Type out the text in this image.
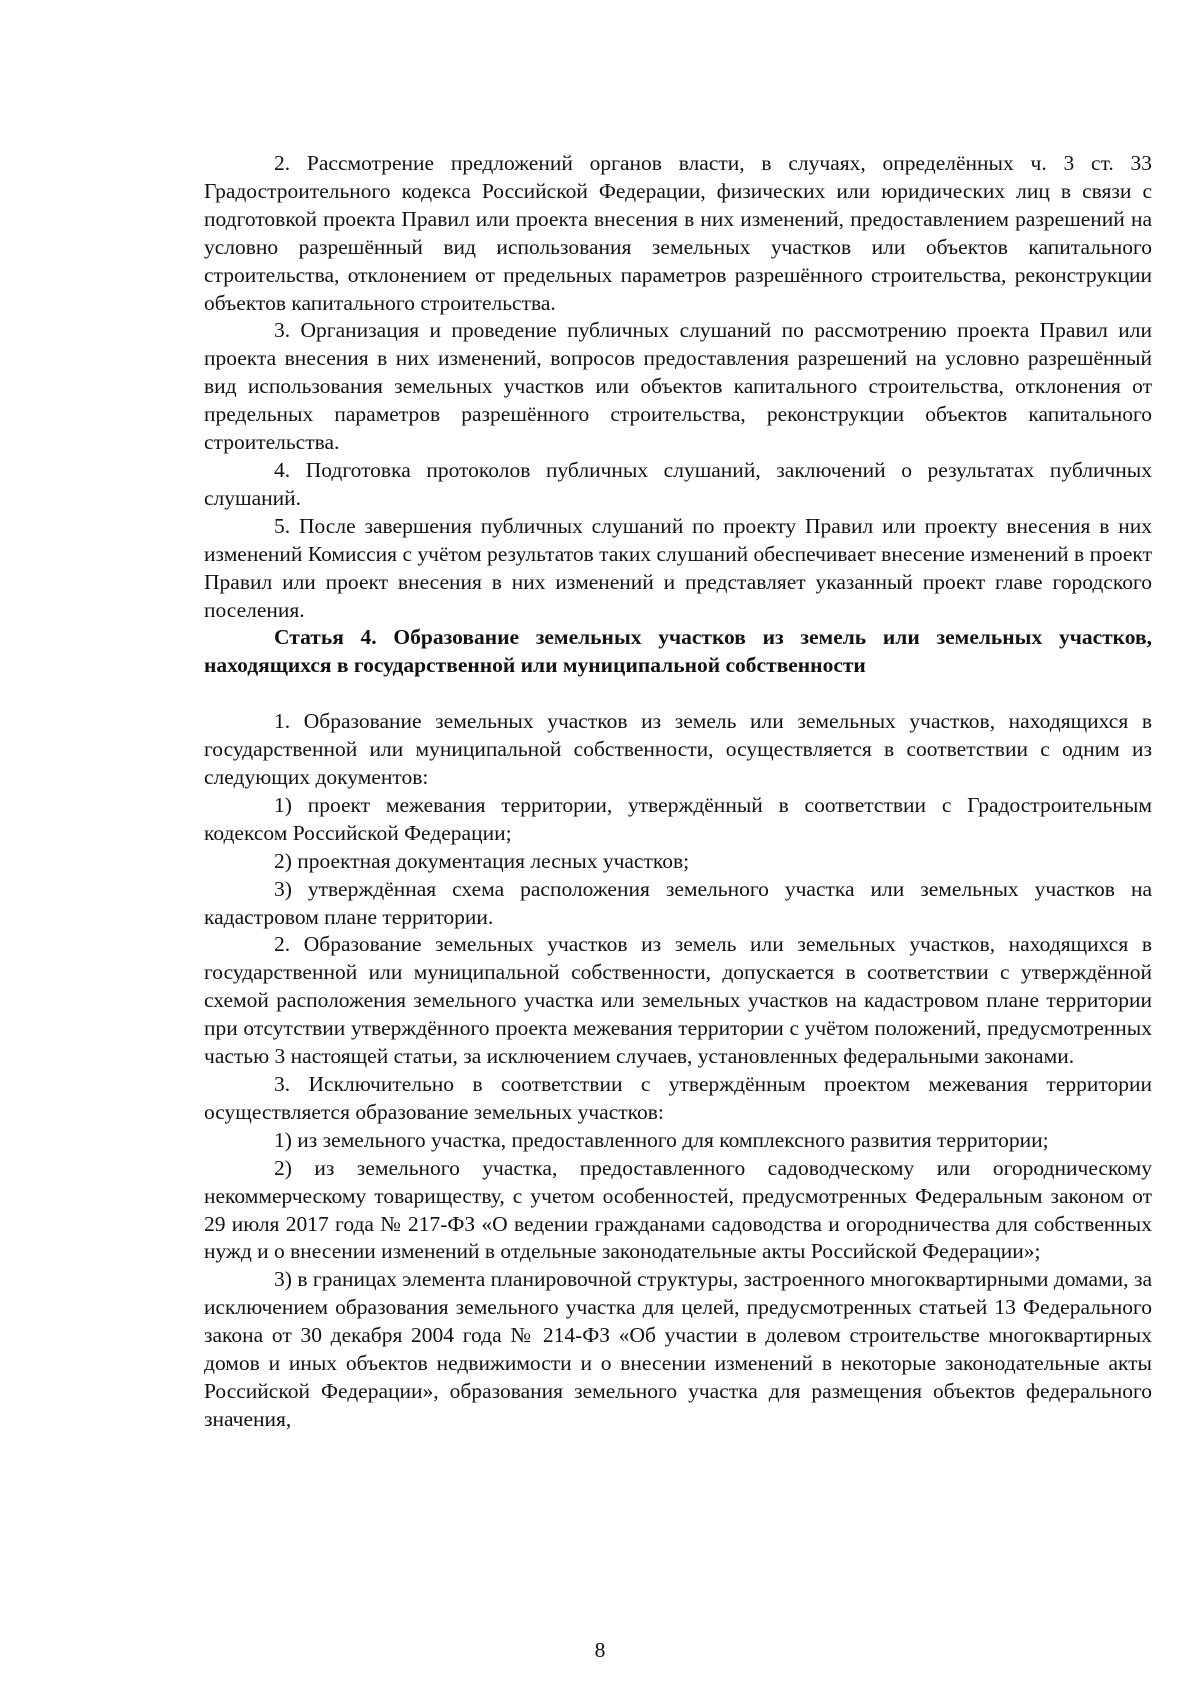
2. Рассмотрение предложений органов власти, в случаях, определённых ч. 3 ст. 33 Градостроительного кодекса Российской Федерации, физических или юридических лиц в связи с подготовкой проекта Правил или проекта внесения в них изменений, предоставлением разрешений на условно разрешённый вид использования земельных участков или объектов капитального строительства, отклонением от предельных параметров разрешённого строительства, реконструкции объектов капитального строительства.

3. Организация и проведение публичных слушаний по рассмотрению проекта Правил или проекта внесения в них изменений, вопросов предоставления разрешений на условно разрешённый вид использования земельных участков или объектов капитального строительства, отклонения от предельных параметров разрешённого строительства, реконструкции объектов капитального строительства.

4. Подготовка протоколов публичных слушаний, заключений о результатах публичных слушаний.

5. После завершения публичных слушаний по проекту Правил или проекту внесения в них изменений Комиссия с учётом результатов таких слушаний обеспечивает внесение изменений в проект Правил или проект внесения в них изменений и представляет указанный проект главе городского поселения.

Статья 4. Образование земельных участков из земель или земельных участков, находящихся в государственной или муниципальной собственности

1. Образование земельных участков из земель или земельных участков, находящихся в государственной или муниципальной собственности, осуществляется в соответствии с одним из следующих документов:

1) проект межевания территории, утверждённый в соответствии с Градостроительным кодексом Российской Федерации;

2) проектная документация лесных участков;

3) утверждённая схема расположения земельного участка или земельных участков на кадастровом плане территории.

2. Образование земельных участков из земель или земельных участков, находящихся в государственной или муниципальной собственности, допускается в соответствии с утверждённой схемой расположения земельного участка или земельных участков на кадастровом плане территории при отсутствии утверждённого проекта межевания территории с учётом положений, предусмотренных частью 3 настоящей статьи, за исключением случаев, установленных федеральными законами.

3. Исключительно в соответствии с утверждённым проектом межевания территории осуществляется образование земельных участков:

1) из земельного участка, предоставленного для комплексного развития территории;

2) из земельного участка, предоставленного садоводческому или огородническому некоммерческому товариществу, с учетом особенностей, предусмотренных Федеральным законом от 29 июля 2017 года № 217-ФЗ «О ведении гражданами садоводства и огородничества для собственных нужд и о внесении изменений в отдельные законодательные акты Российской Федерации»;

3) в границах элемента планировочной структуры, застроенного многоквартирными домами, за исключением образования земельного участка для целей, предусмотренных статьей 13 Федерального закона от 30 декабря 2004 года № 214-ФЗ «Об участии в долевом строительстве многоквартирных домов и иных объектов недвижимости и о внесении изменений в некоторые законодательные акты Российской Федерации», образования земельного участка для размещения объектов федерального значения,

8
